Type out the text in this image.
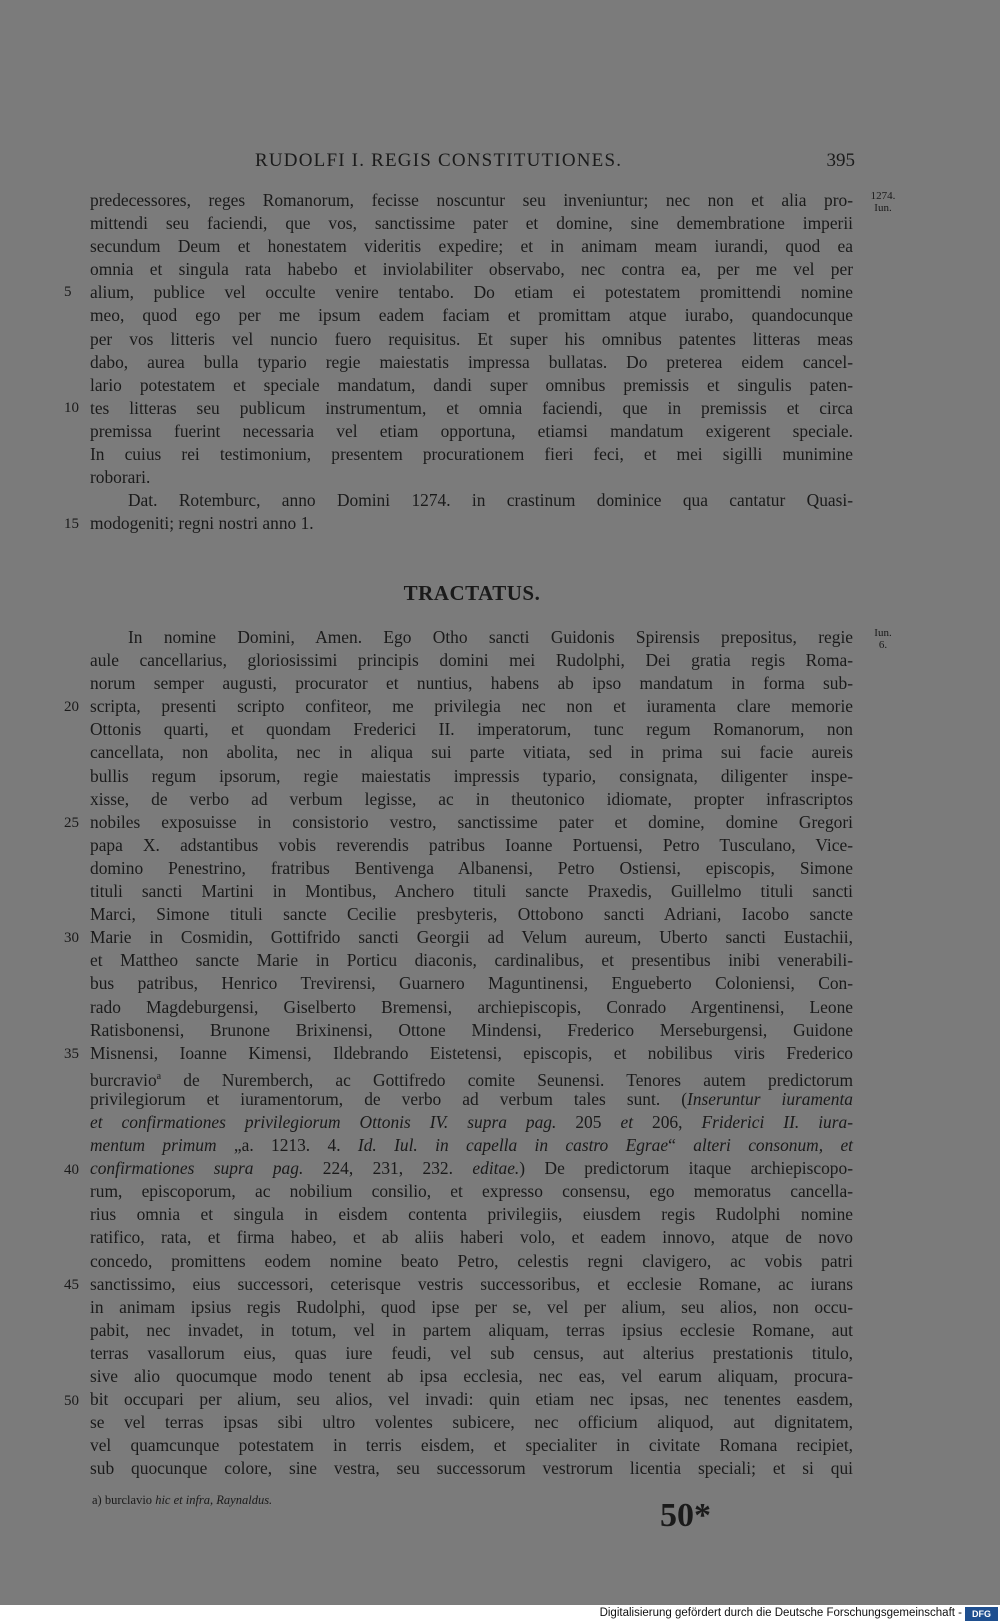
RUDOLFI I. REGIS CONSTITUTIONES.	395
1274.
Iun.
Iun.
6.
5
10
15
20
25
30
35
40
45
50
predecessores, reges Romanorum, fecisse noscuntur seu inveniuntur; nec non et alia pro-
mittendi seu faciendi, que vos, sanctissime pater et domine, sine demembratione imperii
secundum Deum et honestatem videritis expedire; et in animam meam iurandi, quod ea
omnia et singula rata habebo et inviolabiliter observabo, nec contra ea, per me vel per
alium, publice vel occulte venire tentabo. Do etiam ei potestatem promittendi nomine
meo, quod ego per me ipsum eadem faciam et promittam atque iurabo, quandocunque
per vos litteris vel nuncio fuero requisitus. Et super his omnibus patentes litteras meas
dabo, aurea bulla typario regie maiestatis impressa bullatas. Do preterea eidem cancel-
lario potestatem et speciale mandatum, dandi super omnibus premissis et singulis paten-
tes litteras seu publicum instrumentum, et omnia faciendi, que in premissis et circa
premissa fuerint necessaria vel etiam opportuna, etiamsi mandatum exigerent speciale.
In cuius rei testimonium, presentem procurationem fieri feci, et mei sigilli munimine
roborari.
Dat. Rotemburc, anno Domini 1274. in crastinum dominice qua cantatur Quasi-
modogeniti; regni nostri anno 1.
TRACTATUS.
In nomine Domini, Amen. Ego Otho sancti Guidonis Spirensis prepositus, regie
aule cancellarius, gloriosissimi principis domini mei Rudolphi, Dei gratia regis Roma-
norum semper augusti, procurator et nuntius, habens ab ipso mandatum in forma sub-
scripta, presenti scripto confiteor, me privilegia nec non et iuramenta clare memorie
Ottonis quarti, et quondam Frederici II. imperatorum, tunc regum Romanorum, non
cancellata, non abolita, nec in aliqua sui parte vitiata, sed in prima sui facie aureis
bullis regum ipsorum, regie maiestatis impressis typario, consignata, diligenter inspe-
xisse, de verbo ad verbum legisse, ac in theutonico idiomate, propter infrascriptos
nobiles exposuisse in consistorio vestro, sanctissime pater et domine, domine Gregori
papa X. adstantibus vobis reverendis patribus Ioanne Portuensi, Petro Tusculano, Vice-
domino Penestrino, fratribus Bentivenga Albanensi, Petro Ostiensi, episcopis, Simone
tituli sancti Martini in Montibus, Anchero tituli sancte Praxedis, Guillelmo tituli sancti
Marci, Simone tituli sancte Cecilie presbyteris, Ottobono sancti Adriani, Iacobo sancte
Marie in Cosmidin, Gottifrido sancti Georgii ad Velum aureum, Uberto sancti Eustachii,
et Mattheo sancte Marie in Porticu diaconis, cardinalibus, et presentibus inibi venerabili-
bus patribus, Henrico Trevirensi, Guarnero Maguntinensi, Engueberto Coloniensi, Con-
rado Magdeburgensi, Giselberto Bremensi, archiepiscopis, Conrado Argentinensi, Leone
Ratisbonensi, Brunone Brixinensi, Ottone Mindensi, Frederico Merseburgensi, Guidone
Misnensi, Ioanne Kimensi, Ildebrando Eistetensi, episcopis, et nobilibus viris Frederico
burcravio$^a$ de Nuremberch, ac Gottifredo comite Seunensi. Tenores autem predictorum
privilegiorum et iuramentorum, de verbo ad verbum tales sunt. (Inseruntur iuramenta
et confirmationes privilegiorum Ottonis IV. supra pag. 205 et 206, Friderici II. iura-
mentum primum „a. 1213. 4. Id. Iul. in capella in castro Egrae“ alteri consonum, et
confirmationes supra pag. 224, 231, 232. editae.) De predictorum itaque archiepiscopo-
rum, episcoporum, ac nobilium consilio, et expresso consensu, ego memoratus cancella-
rius omnia et singula in eisdem contenta privilegiis, eiusdem regis Rudolphi nomine
ratifico, rata, et firma habeo, et ab aliis haberi volo, et eadem innovo, atque de novo
concedo, promittens eodem nomine beato Petro, celestis regni clavigero, ac vobis patri
sanctissimo, eius successori, ceterisque vestris successoribus, et ecclesie Romane, ac iurans
in animam ipsius regis Rudolphi, quod ipse per se, vel per alium, seu alios, non occu-
pabit, nec invadet, in totum, vel in partem aliquam, terras ipsius ecclesie Romane, aut
terras vasallorum eius, quas iure feudi, vel sub census, aut alterius prestationis titulo,
sive alio quocumque modo tenent ab ipsa ecclesia, nec eas, vel earum aliquam, procura-
bit occupari per alium, seu alios, vel invadi: quin etiam nec ipsas, nec tenentes easdem,
se vel terras ipsas sibi ultro volentes subicere, nec officium aliquod, aut dignitatem,
vel quamcunque potestatem in terris eisdem, et specialiter in civitate Romana recipiet,
sub quocunque colore, sine vestra, seu successorum vestrorum licentia speciali; et si qui
a) burclavio hic et infra, Raynaldus.	50*
Digitalisierung gefördert durch die Deutsche Forschungsgemeinschaft -	DFG
